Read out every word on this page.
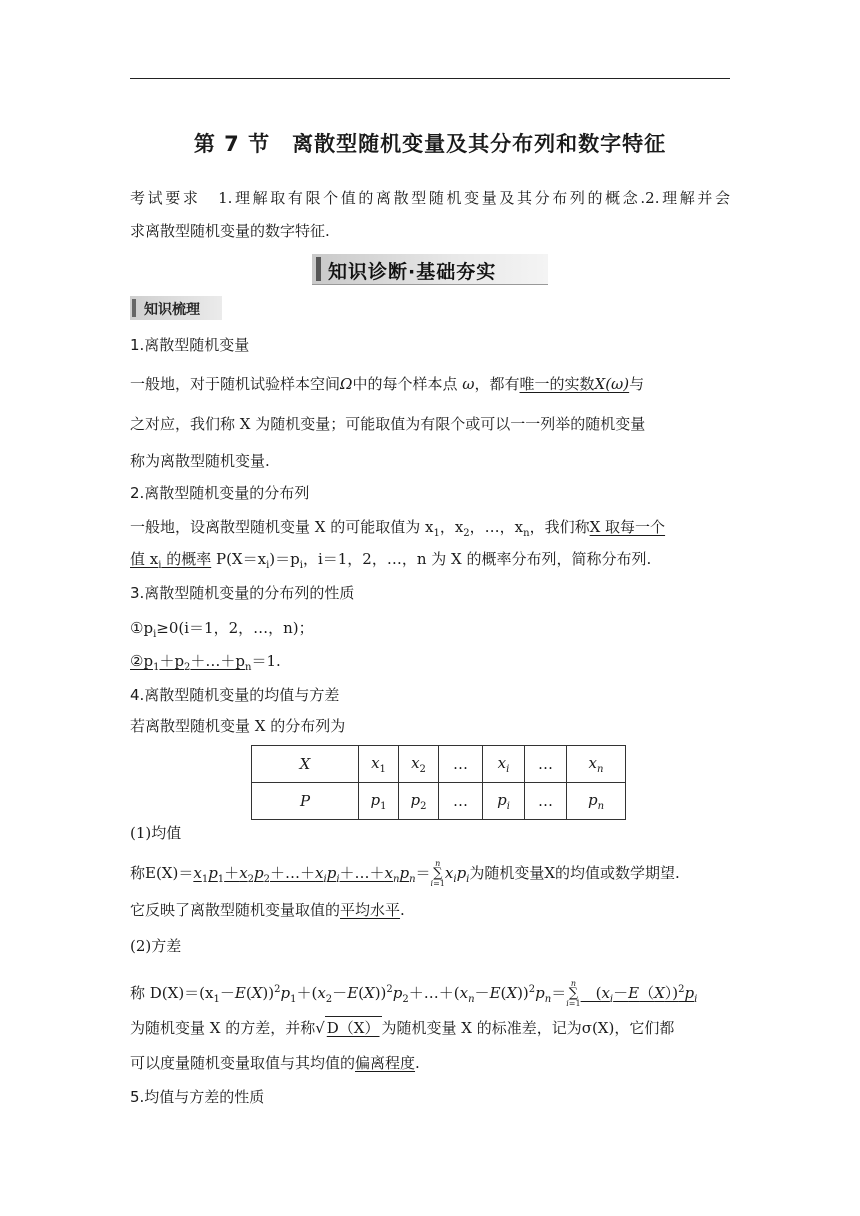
第 7 节　离散型随机变量及其分布列和数字特征
考试要求　 1.理解取有限个值的离散型随机变量及其分布列的概念.2.理解并会
求离散型随机变量的数字特征.
知识诊断·基础夯实
知识梳理
1.离散型随机变量
一般地，对于随机试验样本空间Ω中的每个样本点 ω，都有唯一的实数X(ω)与
之对应，我们称 X 为随机变量；可能取值为有限个或可以一一列举的随机变量
称为离散型随机变量.
2.离散型随机变量的分布列
一般地，设离散型随机变量 X 的可能取值为 $x_1$，$x_2$，…，$x_n$，我们称X 取每一个
值 $x_i$ 的概率 $P(X=x_i)=p_i$，i＝1，2，…，n 为 X 的概率分布列，简称分布列.
3.离散型随机变量的分布列的性质
$①p_i\ge 0(i=1$，2，…，n)；
$②p_1+p_2+\dots+p_n=1$.
4.离散型随机变量的均值与方差
若离散型随机变量 X 的分布列为
X	$x_1$	$x_2$	…	$x_i$	…	$x_n$
P	$p_1$	$p_2$	…	$p_i$	…	$p_n$
(1)均值
称$E(X)=x_1p_1+x_2p_2+\dots+x_ip_i+\dots+x_np_n=$
n
∑
i=1
$x_ip_i$为随机变量X的均值或数学期望.
它反映了离散型随机变量取值的平均水平.
(2)方差
称 $D(X)=(x_1-E(X))^2p_1+(x_2-E(X))^2p_2+\dots+(x_n-E(X))^2p_n=$
n
∑
i=1
　$(x_i-E(X))^2p_i$
为随机变量 X 的方差，并称√ D（X） 为随机变量 X 的标准差，记为σ(X)，它们都
可以度量随机变量取值与其均值的偏离程度.
5.均值与方差的性质
